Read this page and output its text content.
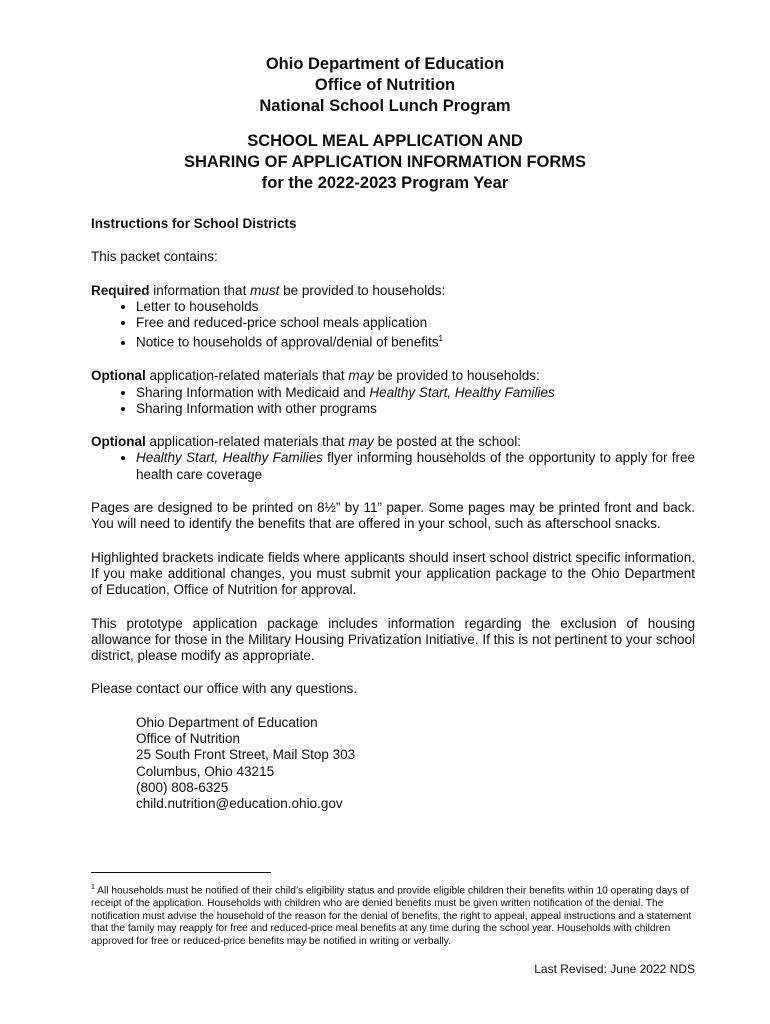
Ohio Department of Education
Office of Nutrition
National School Lunch Program
SCHOOL MEAL APPLICATION AND
SHARING OF APPLICATION INFORMATION FORMS
for the 2022-2023 Program Year
Instructions for School Districts

This packet contains:

Required information that must be provided to households:
• Letter to households
• Free and reduced-price school meals application
• Notice to households of approval/denial of benefits$^1$
Optional application-related materials that may be provided to households:
• Sharing Information with Medicaid and Healthy Start, Healthy Families
• Sharing Information with other programs
Optional application-related materials that may be posted at the school:
• Healthy Start, Healthy Families flyer informing households of the opportunity to apply for free health care coverage

Pages are designed to be printed on 8½” by 11” paper. Some pages may be printed front and back. You will need to identify the benefits that are offered in your school, such as afterschool snacks.

Highlighted brackets indicate fields where applicants should insert school district specific information. If you make additional changes, you must submit your application package to the Ohio Department of Education, Office of Nutrition for approval.

This prototype application package includes information regarding the exclusion of housing allowance for those in the Military Housing Privatization Initiative. If this is not pertinent to your school district, please modify as appropriate.

Please contact our office with any questions.

Ohio Department of Education
Office of Nutrition
25 South Front Street, Mail Stop 303
Columbus, Ohio 43215
(800) 808-6325
child.nutrition@education.ohio.gov
$^1$ All households must be notified of their child’s eligibility status and provide eligible children their benefits within 10 operating days of receipt of the application. Households with children who are denied benefits must be given written notification of the denial. The notification must advise the household of the reason for the denial of benefits, the right to appeal, appeal instructions and a statement that the family may reapply for free and reduced-price meal benefits at any time during the school year. Households with children approved for free or reduced-price benefits may be notified in writing or verbally.
Last Revised: June 2022 NDS
